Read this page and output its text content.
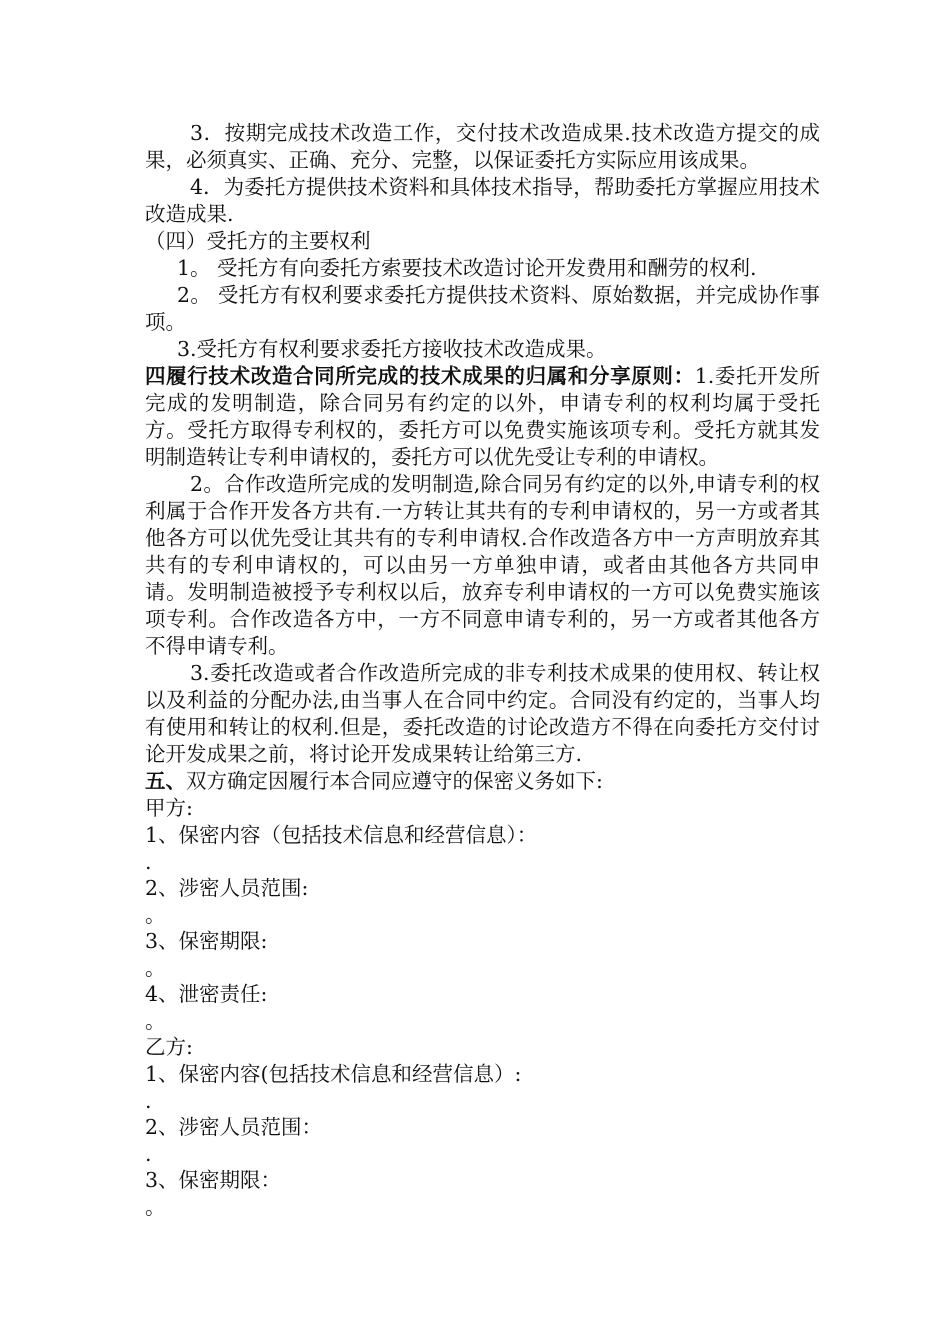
3．按期完成技术改造工作，交付技术改造成果.技术改造方提交的成果，必须真实、正确、充分、完整，以保证委托方实际应用该成果。

4．为委托方提供技术资料和具体技术指导，帮助委托方掌握应用技术改造成果.

（四）受托方的主要权利

1。 受托方有向委托方索要技术改造讨论开发费用和酬劳的权利.

2。 受托方有权利要求委托方提供技术资料、原始数据，并完成协作事项。

3.受托方有权利要求委托方接收技术改造成果。

四履行技术改造合同所完成的技术成果的归属和分享原则：1.委托开发所完成的发明制造，除合同另有约定的以外，申请专利的权利均属于受托方。受托方取得专利权的，委托方可以免费实施该项专利。受托方就其发明制造转让专利申请权的，委托方可以优先受让专利的申请权。

2。合作改造所完成的发明制造,除合同另有约定的以外,申请专利的权利属于合作开发各方共有.一方转让其共有的专利申请权的，另一方或者其他各方可以优先受让其共有的专利申请权.合作改造各方中一方声明放弃其共有的专利申请权的，可以由另一方单独申请，或者由其他各方共同申请。发明制造被授予专利权以后，放弃专利申请权的一方可以免费实施该项专利。合作改造各方中，一方不同意申请专利的，另一方或者其他各方不得申请专利。

3.委托改造或者合作改造所完成的非专利技术成果的使用权、转让权以及利益的分配办法,由当事人在合同中约定。合同没有约定的，当事人均有使用和转让的权利.但是，委托改造的讨论改造方不得在向委托方交付讨论开发成果之前，将讨论开发成果转让给第三方.

五、双方确定因履行本合同应遵守的保密义务如下:

甲方:

1、保密内容（包括技术信息和经营信息）：

.

2、涉密人员范围:

。

3、保密期限:

。

4、泄密责任:

。

乙方:

1、保密内容(包括技术信息和经营信息）:

.

2、涉密人员范围：

.

3、保密期限：

。
